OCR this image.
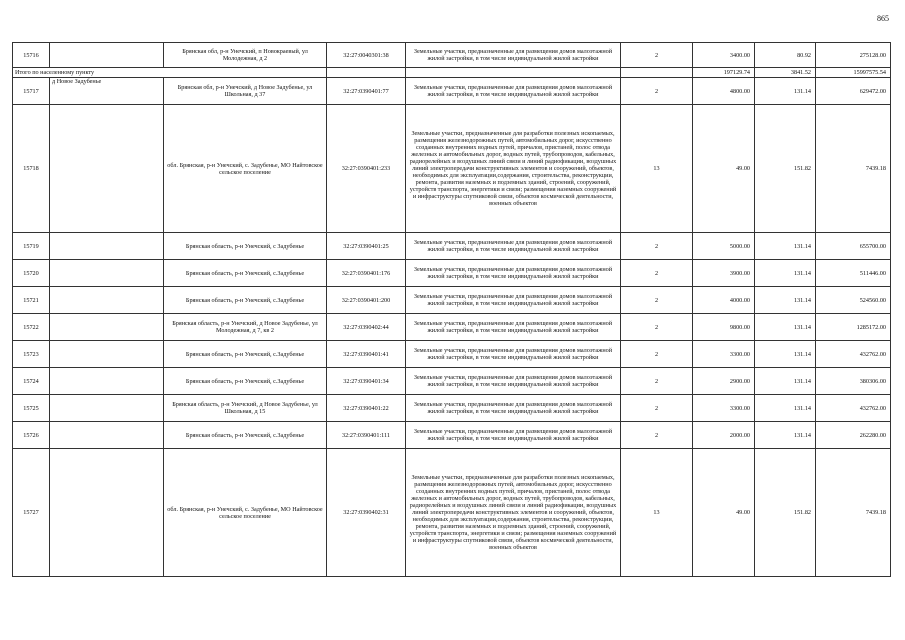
865
15716		Брянская обл, р-н Унечский, п Новокраевый, ул Молодежная, д 2	32:27:0040301:38	Земельные участки, предназначенные для размещения домов малоэтажной жилой застройки, в том числе индивидуальной жилой застройки	2	3400.00	80.92	275128.00
Итого по населенному пункту						197129.74	3841.52	15997575.54
15717	д Новое Задубенье	Брянская обл, р-н Унечский, д Новое Задубенье, ул Школьная, д 37	32:27:0390401:77	Земельные участки, предназначенные для размещения домов малоэтажной жилой застройки, в том числе индивидуальной жилой застройки	2	4800.00	131.14	629472.00
15718		обл. Брянская, р-н Унечский, с. Задубенье, МО Найтовское сельское поселение	32:27:0390401:233	Земельные участки, предназначенные для разработки полезных ископаемых, размещения железнодорожных путей, автомобильных дорог, искусственно созданных внутренних водных путей, причалов, пристаней, полос отвода железных и автомобильных дорог, водных путей, трубопроводов, кабельных, радиорелейных и воздушных линий связи и линий радиофикации, воздушных линий электропередачи конструктивных элементов и сооружений, объектов, необходимых для эксплуатации,содержания, строительства, реконструкции, ремонта, развития наземных и подземных зданий, строений, сооружений, устройств транспорта, энергетики и связи; размещения наземных сооружений и инфраструктуры спутниковой связи, объектов космической деятельности, военных объектов	13	49.00	151.82	7439.18
15719		Брянская область, р-н Унечский, с Задубенье	32:27:0390401:25	Земельные участки, предназначенные для размещения домов малоэтажной жилой застройки, в том числе индивидуальной жилой застройки	2	5000.00	131.14	655700.00
15720		Брянская область, р-н Унечский, с.Задубенье	32:27:0390401:176	Земельные участки, предназначенные для размещения домов малоэтажной жилой застройки, в том числе индивидуальной жилой застройки	2	3900.00	131.14	511446.00
15721		Брянская область, р-н Унечский, с.Задубенье	32:27:0390401:200	Земельные участки, предназначенные для размещения домов малоэтажной жилой застройки, в том числе индивидуальной жилой застройки	2	4000.00	131.14	524560.00
15722		Брянская область, р-н Унечский, д Новое Задубенье, ул Молодежная, д 7, кв 2	32:27:0390402:44	Земельные участки, предназначенные для размещения домов малоэтажной жилой застройки, в том числе индивидуальной жилой застройки	2	9800.00	131.14	1285172.00
15723		Брянская область, р-н Унечский, с.Задубенье	32:27:0390401:41	Земельные участки, предназначенные для размещения домов малоэтажной жилой застройки, в том числе индивидуальной жилой застройки	2	3300.00	131.14	432762.00
15724		Брянская область, р-н Унечский, с.Задубенье	32:27:0390401:34	Земельные участки, предназначенные для размещения домов малоэтажной жилой застройки, в том числе индивидуальной жилой застройки	2	2900.00	131.14	380306.00
15725		Брянская область, р-н Унечский, д Новое Задубенье, ул Школьная, д 15	32:27:0390401:22	Земельные участки, предназначенные для размещения домов малоэтажной жилой застройки, в том числе индивидуальной жилой застройки	2	3300.00	131.14	432762.00
15726		Брянская область, р-н Унечский, с.Задубенье	32:27:0390401:111	Земельные участки, предназначенные для размещения домов малоэтажной жилой застройки, в том числе индивидуальной жилой застройки	2	2000.00	131.14	262280.00
15727		обл. Брянская, р-н Унечский, с. Задубенье, МО Найтовское сельское поселение	32:27:0390402:31	Земельные участки, предназначенные для разработки полезных ископаемых, размещения железнодорожных путей, автомобильных дорог, искусственно созданных внутренних водных путей, причалов, пристаней, полос отвода железных и автомобильных дорог, водных путей, трубопроводов, кабельных, радиорелейных и воздушных линий связи и линий радиофикации, воздушных линий электропередачи конструктивных элементов и сооружений, объектов, необходимых для эксплуатации,содержания, строительства, реконструкции, ремонта, развития наземных и подземных зданий, строений, сооружений, устройств транспорта, энергетики и связи; размещения наземных сооружений и инфраструктуры спутниковой связи, объектов космической деятельности, военных объектов	13	49.00	151.82	7439.18
